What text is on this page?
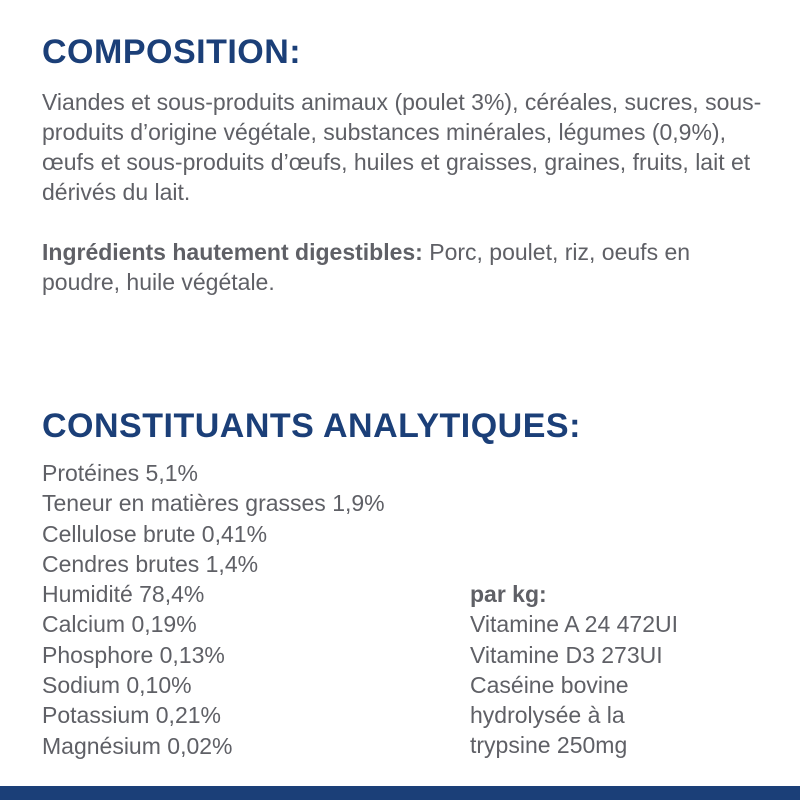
COMPOSITION:

Viandes et sous-produits animaux (poulet 3%), céréales, sucres, sous-produits d’origine végétale, substances minérales, légumes (0,9%), œufs et sous-produits d’œufs, huiles et graisses, graines, fruits, lait et dérivés du lait.

Ingrédients hautement digestibles: Porc, poulet, riz, oeufs en poudre, huile végétale.

CONSTITUANTS ANALYTIQUES:
Protéines 5,1%
Teneur en matières grasses 1,9%
Cellulose brute 0,41%
Cendres brutes 1,4%
Humidité 78,4%
Calcium 0,19%
Phosphore 0,13%
Sodium 0,10%
Potassium 0,21%
Magnésium 0,02%
par kg:
Vitamine A 24 472UI
Vitamine D3 273UI
Caséine bovine
hydrolysée à la
trypsine 250mg
